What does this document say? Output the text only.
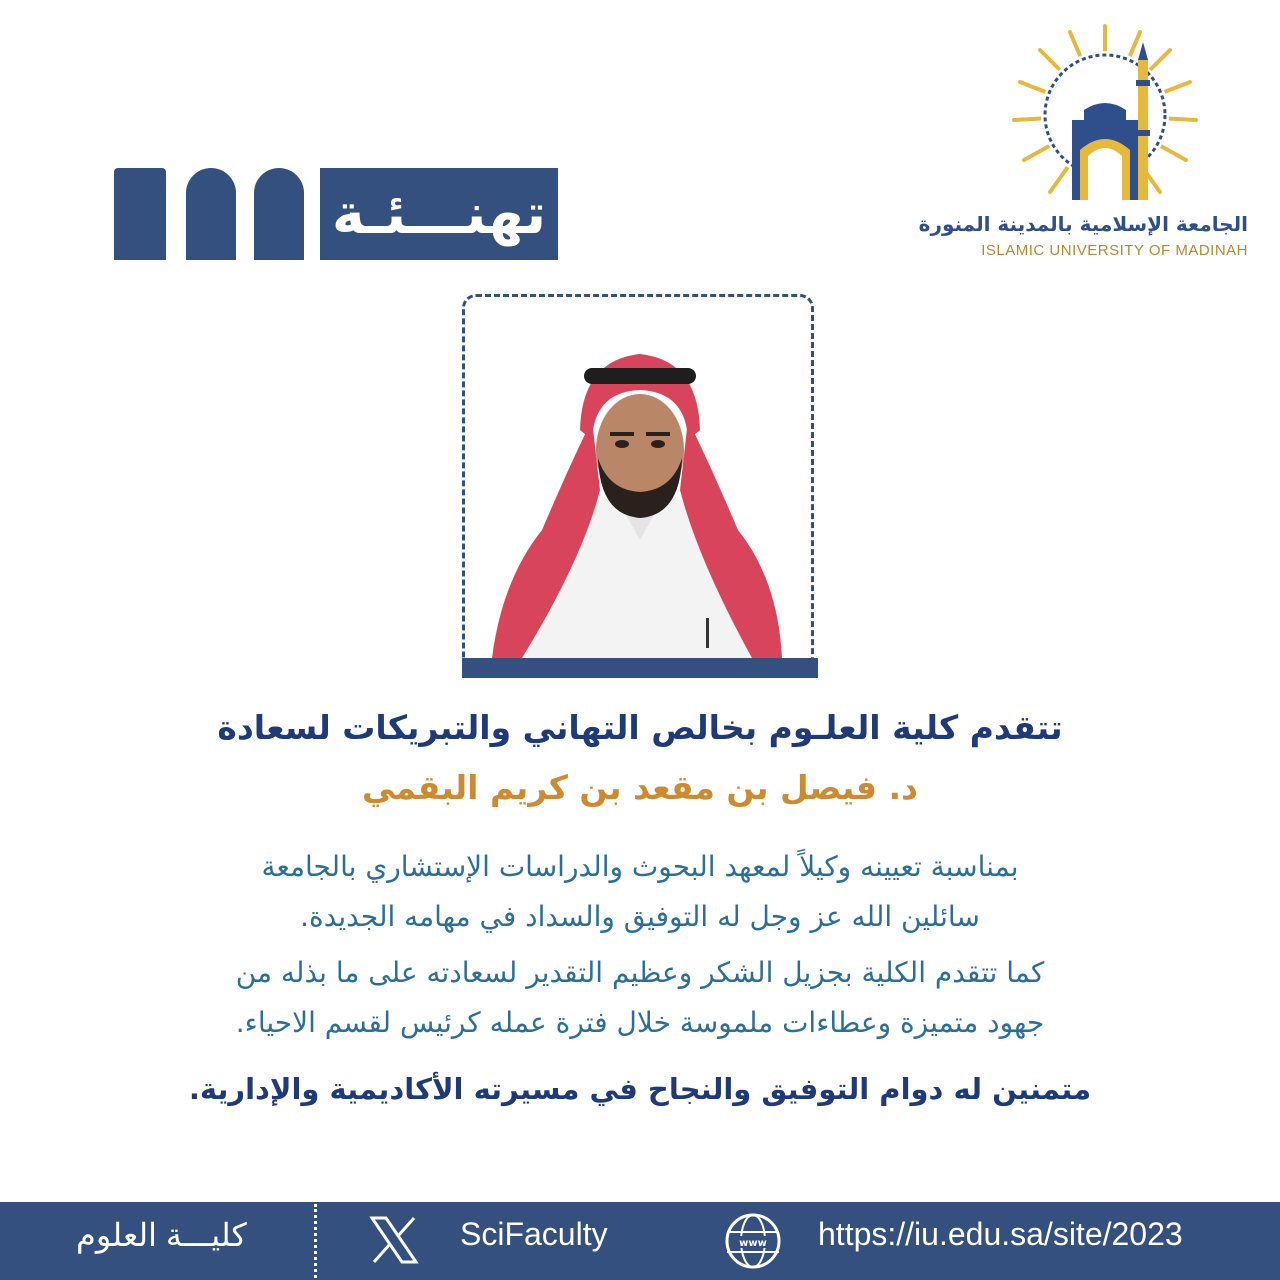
تهنـــئـة	الجامعة الإسلامية بالمدينة المنورة
ISLAMIC UNIVERSITY OF MADINAH
تتقدم كلية العلـوم بخالص التهاني والتبريكات لسعادة
د. فيصل بن مقعد بن كريم البقمي
بمناسبة تعيينه وكيلاً لمعهد البحوث والدراسات الإستشاري بالجامعة
سائلين الله عز وجل له التوفيق والسداد في مهامه الجديدة.
كما تتقدم الكلية بجزيل الشكر وعظيم التقدير لسعادته على ما بذله من
جهود متميزة وعطاءات ملموسة خلال فترة عمله كرئيس لقسم الاحياء.
متمنين له دوام التوفيق والنجاح في مسيرته الأكاديمية والإدارية.
كليـــة العلوم	SciFaculty	www https://iu.edu.sa/site/2023
